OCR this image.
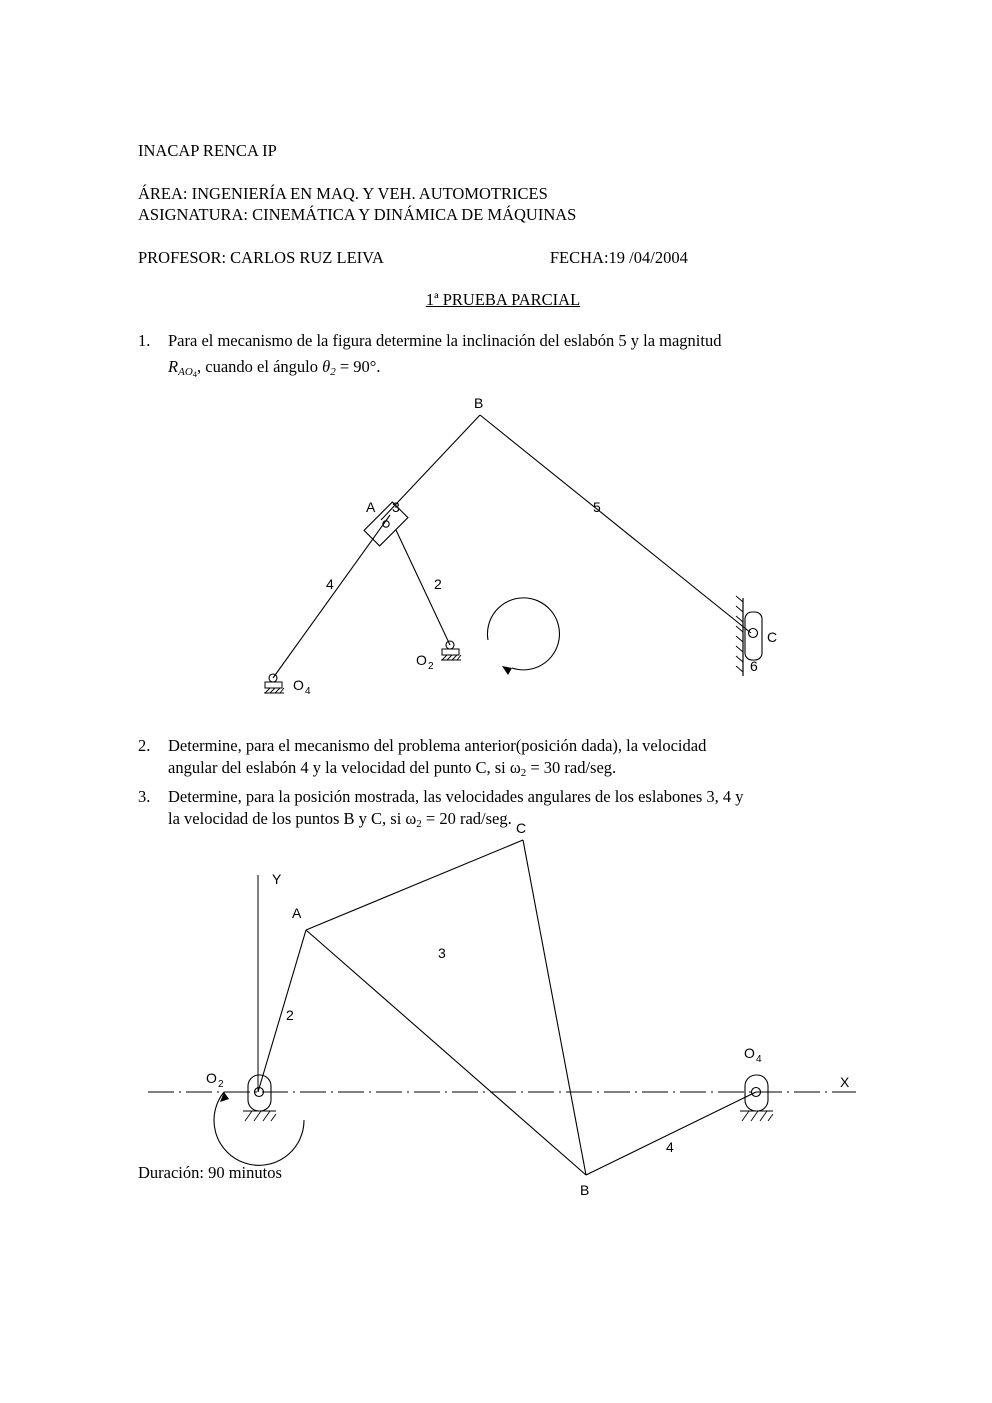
INACAP RENCA IP
ÁREA: INGENIERÍA EN MAQ. Y VEH. AUTOMOTRICES
ASIGNATURA: CINEMÁTICA Y DINÁMICA DE MÁQUINAS
PROFESOR: CARLOS RUZ LEIVA	FECHA:19 /04/2004
1ª PRUEBA PARCIAL
1.	Para el mecanismo de la figura determine la inclinación del eslabón 5 y la magnitud
$R_{AO4}$, cuando el ángulo $\theta_2 = 90^\circ$.
B
A 3	5
4	2
6
C
O 2
O 4
2.	Determine, para el mecanismo del problema anterior(posición dada), la velocidad
angular del eslabón 4 y la velocidad del punto C, si $\omega_2 = 30$ rad/seg.
3.	Determine, para la posición mostrada, las velocidades angulares de los eslabones 3, 4 y
la velocidad de los puntos B y C, si $\omega_2 = 20$ rad/seg.
Y
X
A
B
C
2
3
4
O 2
O 4
Duración: 90 minutos
